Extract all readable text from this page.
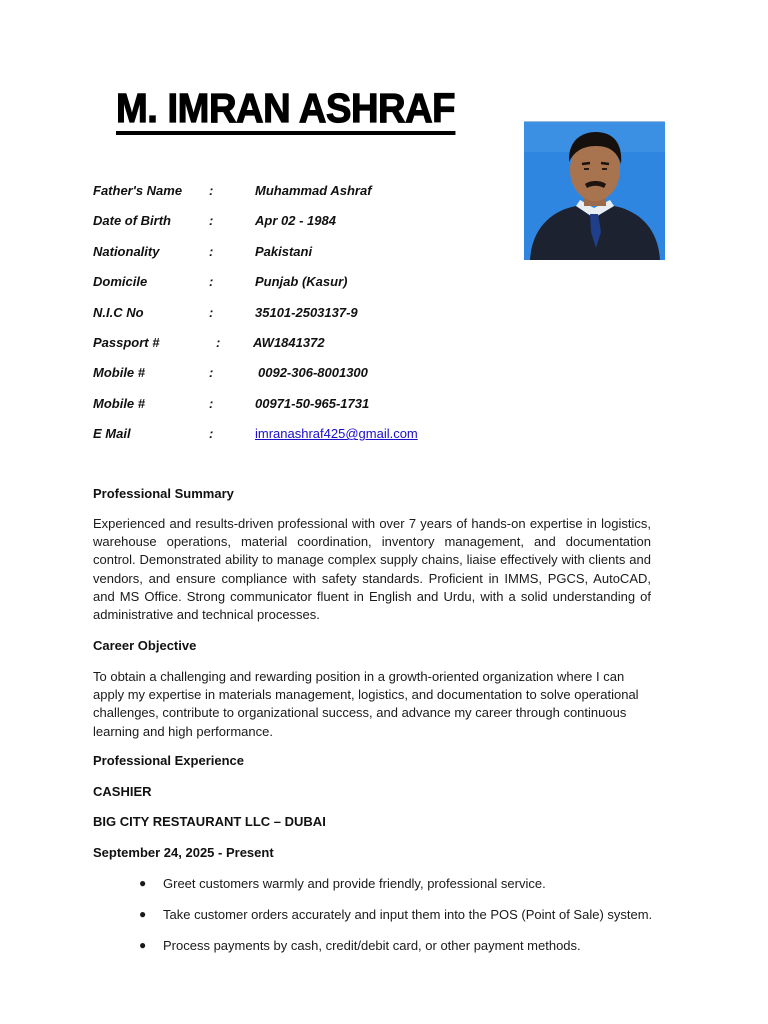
M. IMRAN ASHRAF
Father's Name :	Muhammad Ashraf
Date of Birth	:	Apr 02 - 1984
Nationality	:	Pakistani
Domicile	:	Punjab (Kasur)
N.I.C No	:	35101-2503137-9
Passport #	:	AW1841372
Mobile #	:	0092-306-8001300
Mobile #	:	00971-50-965-1731
E Mail	:	imranashraf425@gmail.com
Professional Summary

Experienced and results-driven professional with over 7 years of hands-on expertise in logistics, warehouse operations, material coordination, inventory management, and documentation control. Demonstrated ability to manage complex supply chains, liaise effectively with clients and vendors, and ensure compliance with safety standards. Proficient in IMMS, PGCS, AutoCAD, and MS Office. Strong communicator fluent in English and Urdu, with a solid understanding of administrative and technical processes.

Career Objective

To obtain a challenging and rewarding position in a growth-oriented organization where I can apply my expertise in materials management, logistics, and documentation to solve operational challenges, contribute to organizational success, and advance my career through continuous learning and high performance.

Professional Experience
CASHIER
BIG CITY RESTAURANT LLC – DUBAI
September 24, 2025 - Present
● Greet customers warmly and provide friendly, professional service.
● Take customer orders accurately and input them into the POS (Point of Sale) system.
● Process payments by cash, credit/debit card, or other payment methods.
